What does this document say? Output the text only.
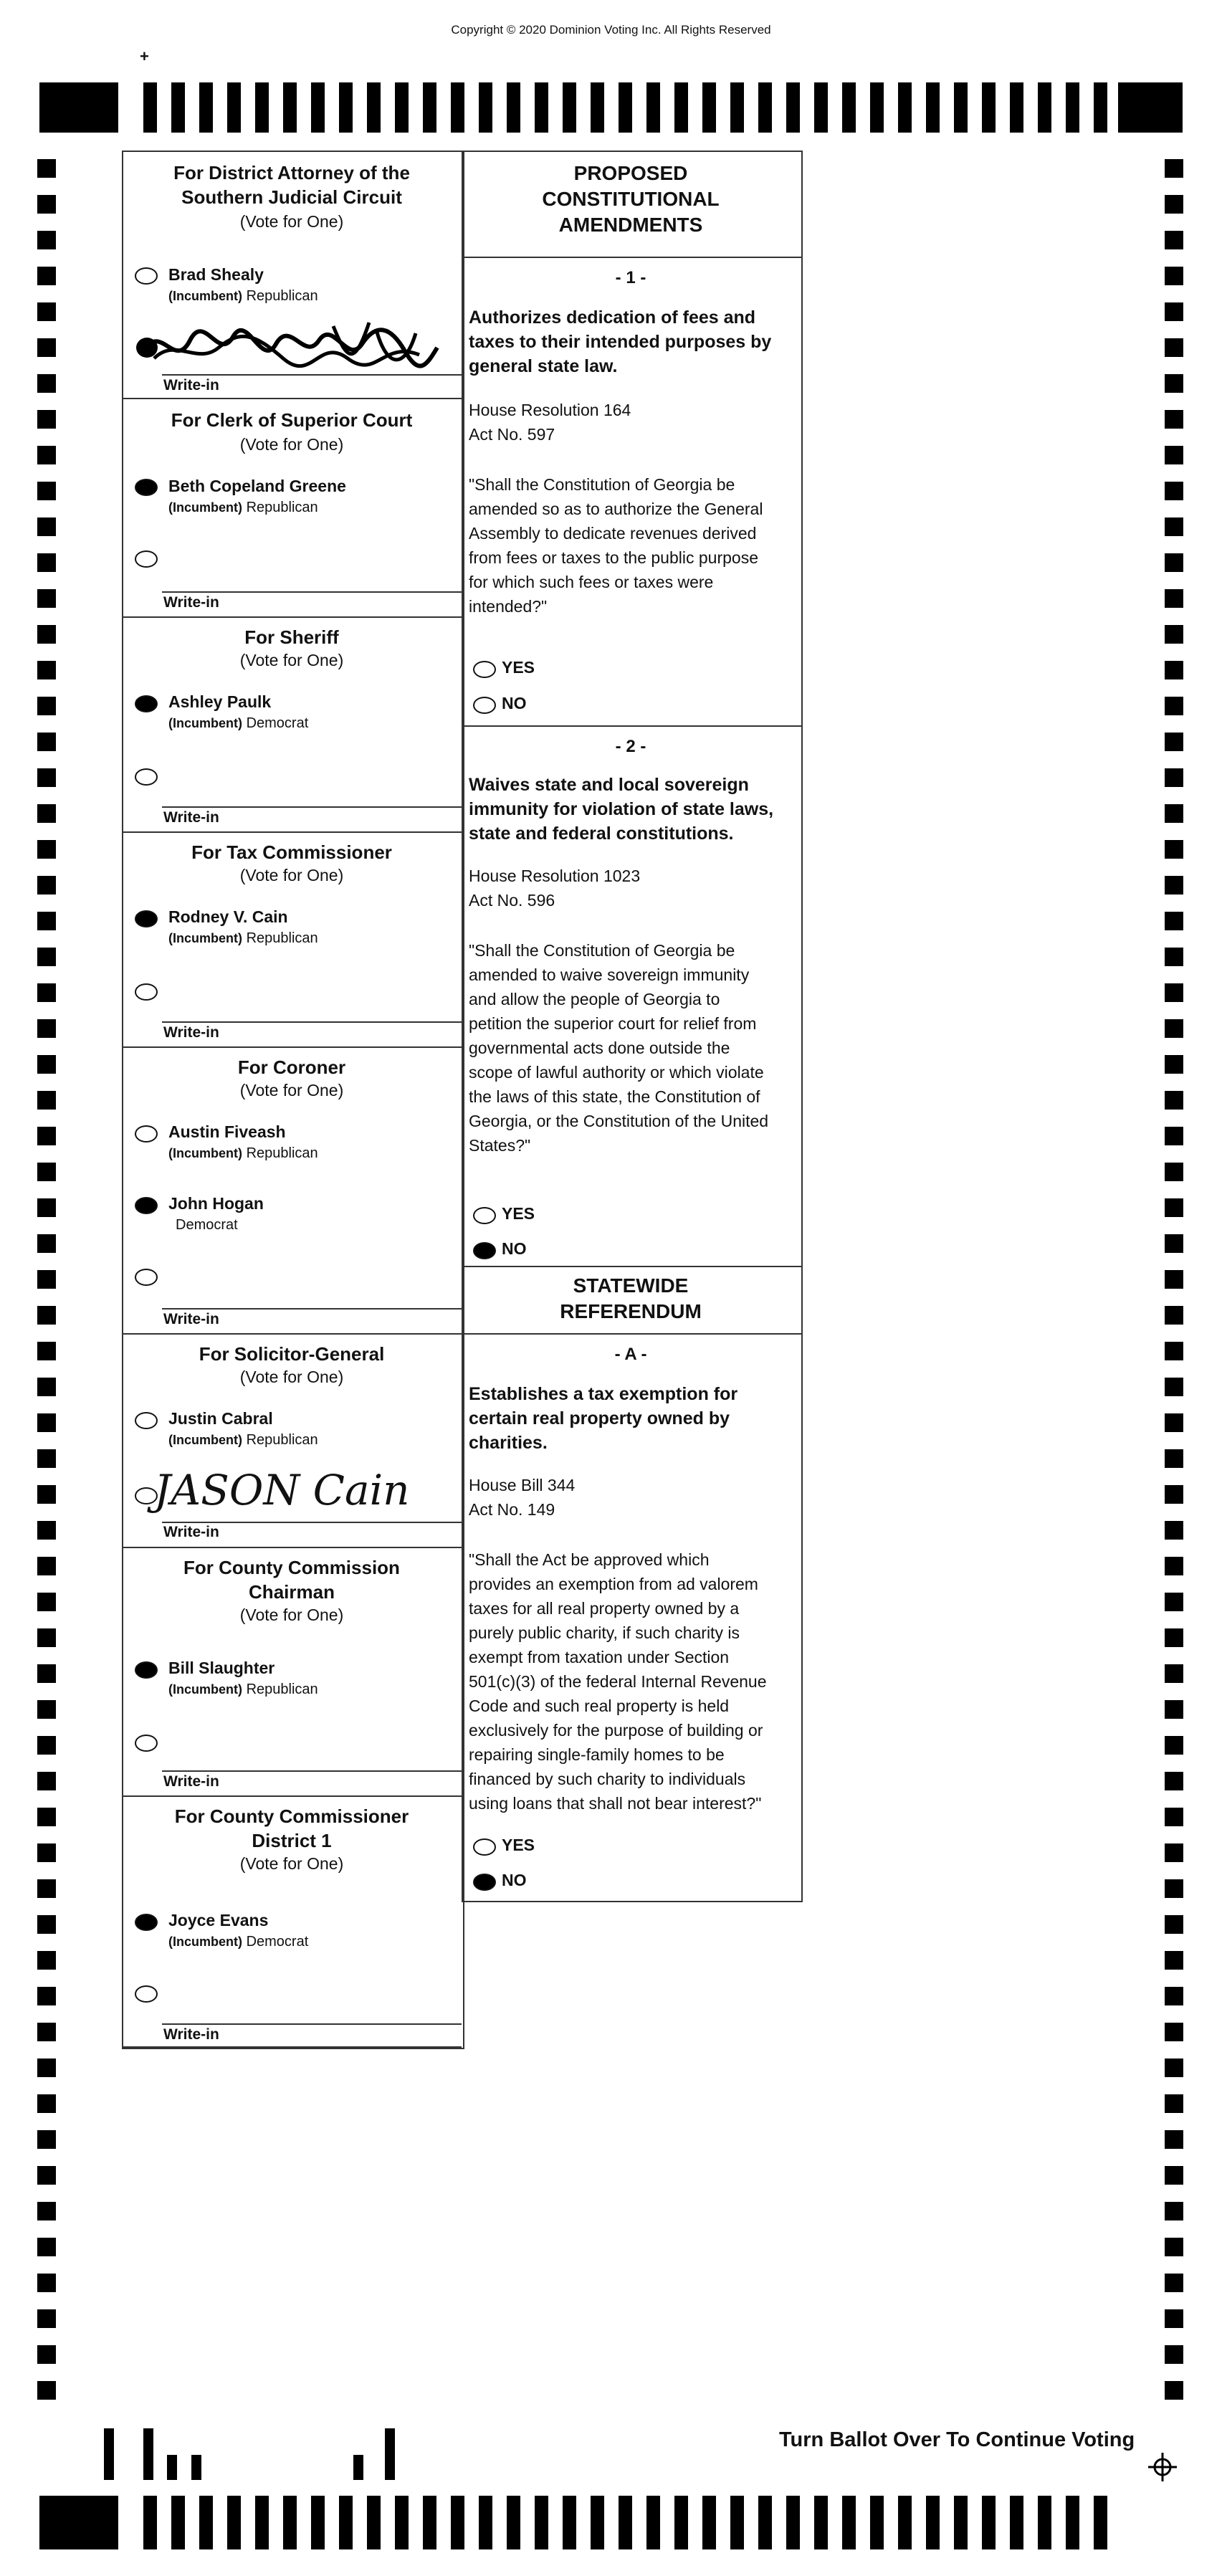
Copyright © 2020 Dominion Voting Inc. All Rights Reserved
+
For District Attorney of the
Southern Judicial Circuit
(Vote for One)
Brad Shealy
(Incumbent) Republican
Write-in
For Clerk of Superior Court
(Vote for One)
Beth Copeland Greene
(Incumbent) Republican
Write-in
For Sheriff
(Vote for One)
Ashley Paulk
(Incumbent) Democrat
Write-in
For Tax Commissioner
(Vote for One)
Rodney V. Cain
(Incumbent) Republican
Write-in
For Coroner
(Vote for One)
Austin Fiveash
(Incumbent) Republican
John Hogan
Democrat
Write-in
For Solicitor-General
(Vote for One)
Justin Cabral
(Incumbent) Republican
JASON Cain
Write-in
For County Commission
Chairman
(Vote for One)
Bill Slaughter
(Incumbent) Republican
Write-in
For County Commissioner
District 1
(Vote for One)
Joyce Evans
(Incumbent) Democrat
Write-in
PROPOSED
CONSTITUTIONAL
AMENDMENTS
- 1 -
Authorizes dedication of fees and
taxes to their intended purposes by
general state law.
House Resolution 164
Act No. 597
"Shall the Constitution of Georgia be
amended so as to authorize the General
Assembly to dedicate revenues derived
from fees or taxes to the public purpose
for which such fees or taxes were
intended?"
YES
NO
- 2 -
Waives state and local sovereign
immunity for violation of state laws,
state and federal constitutions.
House Resolution 1023
Act No. 596
"Shall the Constitution of Georgia be
amended to waive sovereign immunity
and allow the people of Georgia to
petition the superior court for relief from
governmental acts done outside the
scope of lawful authority or which violate
the laws of this state, the Constitution of
Georgia, or the Constitution of the United
States?"
YES
NO
STATEWIDE
REFERENDUM
- A -
Establishes a tax exemption for
certain real property owned by
charities.
House Bill 344
Act No. 149
"Shall the Act be approved which
provides an exemption from ad valorem
taxes for all real property owned by a
purely public charity, if such charity is
exempt from taxation under Section
501(c)(3) of the federal Internal Revenue
Code and such real property is held
exclusively for the purpose of building or
repairing single-family homes to be
financed by such charity to individuals
using loans that shall not bear interest?"
YES
NO
Turn Ballot Over To Continue Voting
